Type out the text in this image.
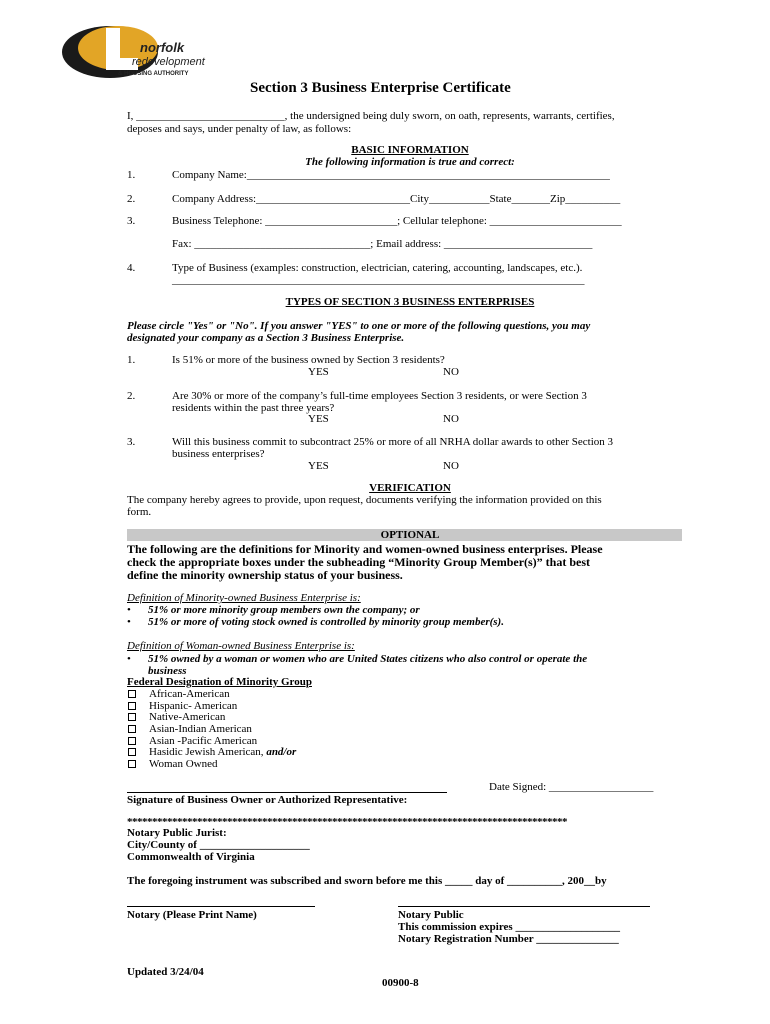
norfolk
redevelopment
& HOUSING AUTHORITY
Section 3 Business Enterprise Certificate
I, ___________________________, the undersigned being duly sworn, on oath, represents, warrants, certifies,
deposes and says, under penalty of law, as follows:
BASIC INFORMATION
The following information is true and correct:
1.	Company Name:__________________________________________________________________
2.	Company Address:____________________________City___________State_______Zip__________
3.	Business Telephone: ________________________; Cellular telephone: ________________________
Fax: ________________________________; Email address: ___________________________
4.	Type of Business (examples: construction, electrician, catering, accounting, landscapes, etc.).
___________________________________________________________________________
TYPES OF SECTION 3 BUSINESS ENTERPRISES
Please circle "Yes" or "No". If you answer "YES" to one or more of the following questions, you may
designated your company as a Section 3 Business Enterprise.
1.	Is 51% or more of the business owned by Section 3 residents?
YES	NO
2.	Are 30% or more of the company’s full-time employees Section 3 residents, or were Section 3
residents within the past three years?
YES	NO
3.	Will this business commit to subcontract 25% or more of all NRHA dollar awards to other Section 3
business enterprises?
YES	NO
VERIFICATION
The company hereby agrees to provide, upon request, documents verifying the information provided on this
form.
OPTIONAL
The following are the definitions for Minority and women-owned business enterprises. Please
check the appropriate boxes under the subheading “Minority Group Member(s)” that best
define the minority ownership status of your business.
Definition of Minority-owned Business Enterprise is:
• 51% or more minority group members own the company; or
• 51% or more of voting stock owned is controlled by minority group member(s).
Definition of Woman-owned Business Enterprise is:
• 51% owned by a woman or women who are United States citizens who also control or operate the
business
Federal Designation of Minority Group
African-American
Hispanic- American
Native-American
Asian-Indian American
Asian -Pacific American
Hasidic Jewish American, and/or
Woman Owned
Date Signed: ___________________
Signature of Business Owner or Authorized Representative:
****************************************************************************************
Notary Public Jurist:
City/County of ____________________
Commonwealth of Virginia
The foregoing instrument was subscribed and sworn before me this _____ day of __________, 200__by
Notary (Please Print Name)	Notary Public
This commission expires ___________________
Notary Registration Number _______________
Updated 3/24/04
00900-8
